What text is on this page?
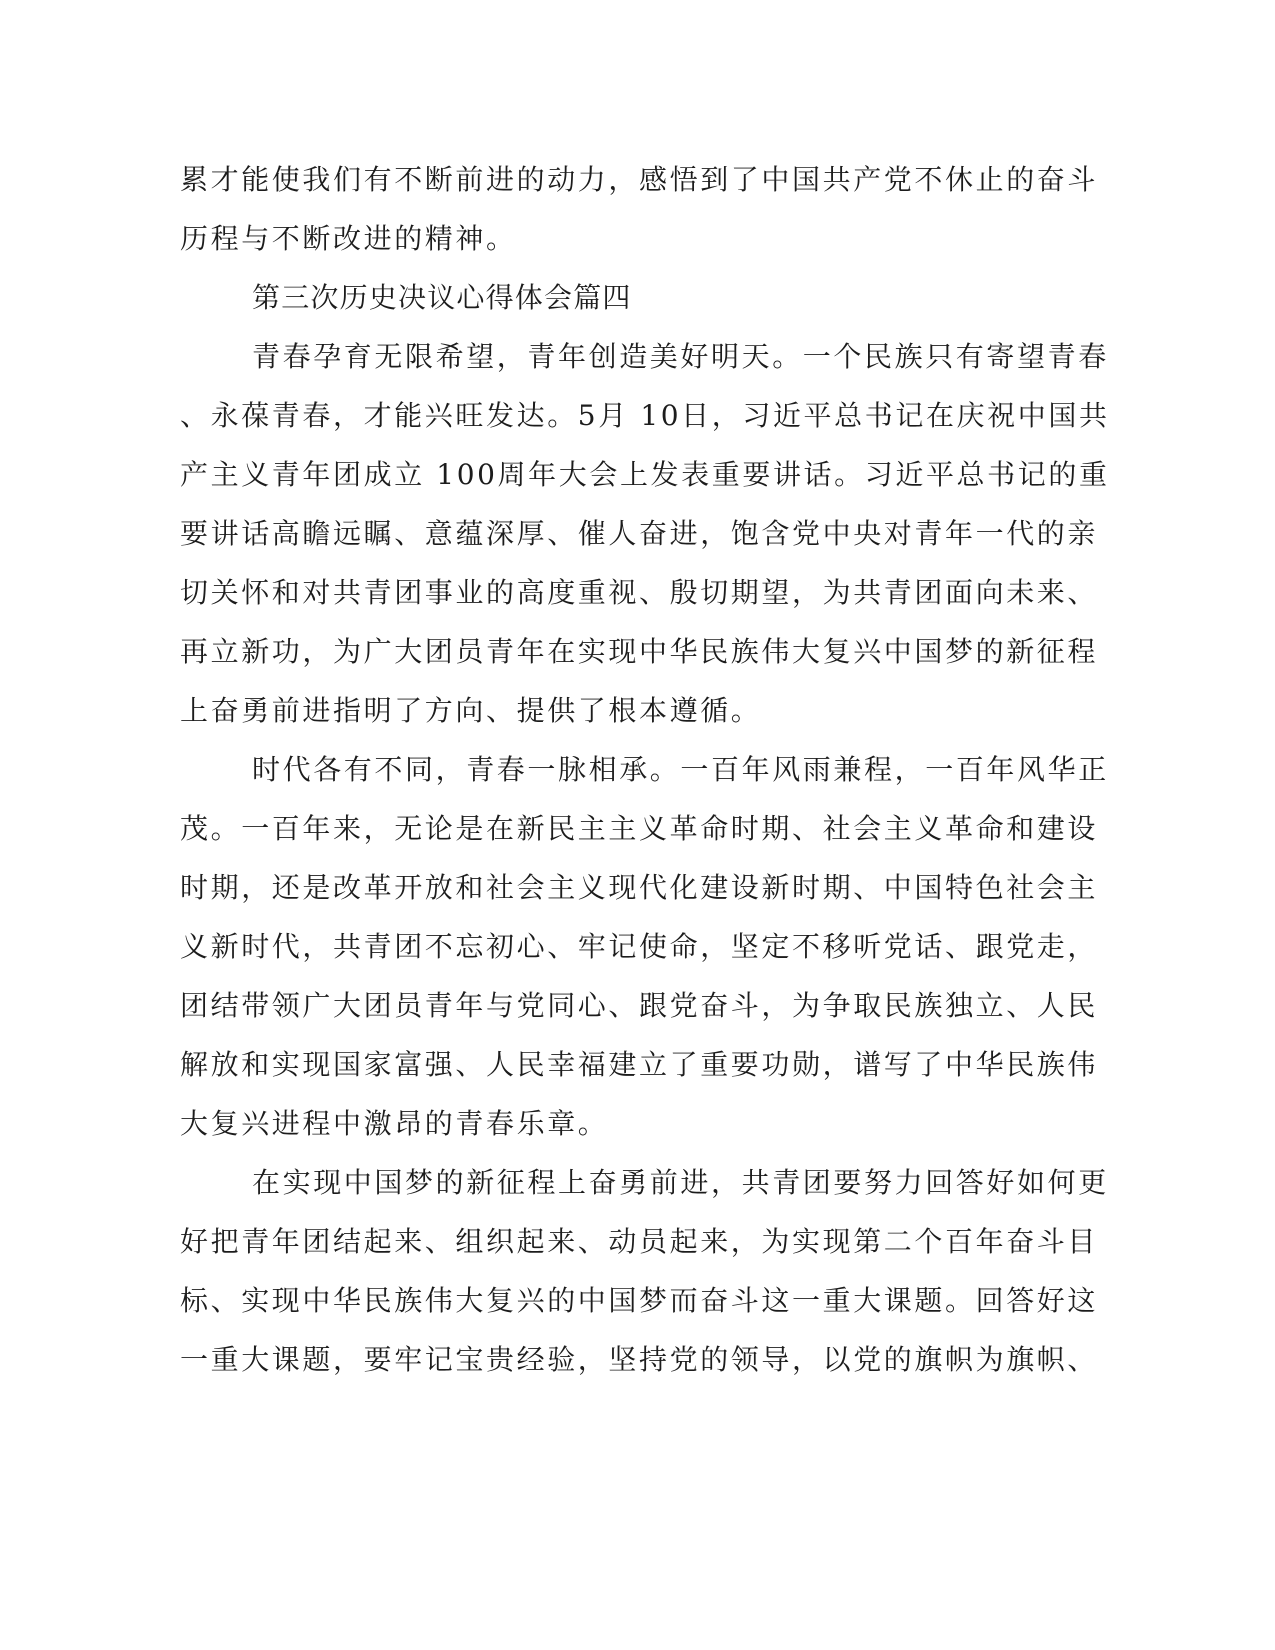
累才能使我们有不断前进的动力，感悟到了中国共产党不休止的奋斗
历程与不断改进的精神。
第三次历史决议心得体会篇四
青春孕育无限希望，青年创造美好明天。一个民族只有寄望青春
、永葆青春，才能兴旺发达。5月 10日，习近平总书记在庆祝中国共
产主义青年团成立 100周年大会上发表重要讲话。习近平总书记的重
要讲话高瞻远瞩、意蕴深厚、催人奋进，饱含党中央对青年一代的亲
切关怀和对共青团事业的高度重视、殷切期望，为共青团面向未来、
再立新功，为广大团员青年在实现中华民族伟大复兴中国梦的新征程
上奋勇前进指明了方向、提供了根本遵循。
时代各有不同，青春一脉相承。一百年风雨兼程，一百年风华正
茂。一百年来，无论是在新民主主义革命时期、社会主义革命和建设
时期，还是改革开放和社会主义现代化建设新时期、中国特色社会主
义新时代，共青团不忘初心、牢记使命，坚定不移听党话、跟党走，
团结带领广大团员青年与党同心、跟党奋斗，为争取民族独立、人民
解放和实现国家富强、人民幸福建立了重要功勋，谱写了中华民族伟
大复兴进程中激昂的青春乐章。
在实现中国梦的新征程上奋勇前进，共青团要努力回答好如何更
好把青年团结起来、组织起来、动员起来，为实现第二个百年奋斗目
标、实现中华民族伟大复兴的中国梦而奋斗这一重大课题。回答好这
一重大课题，要牢记宝贵经验，坚持党的领导，以党的旗帜为旗帜、
